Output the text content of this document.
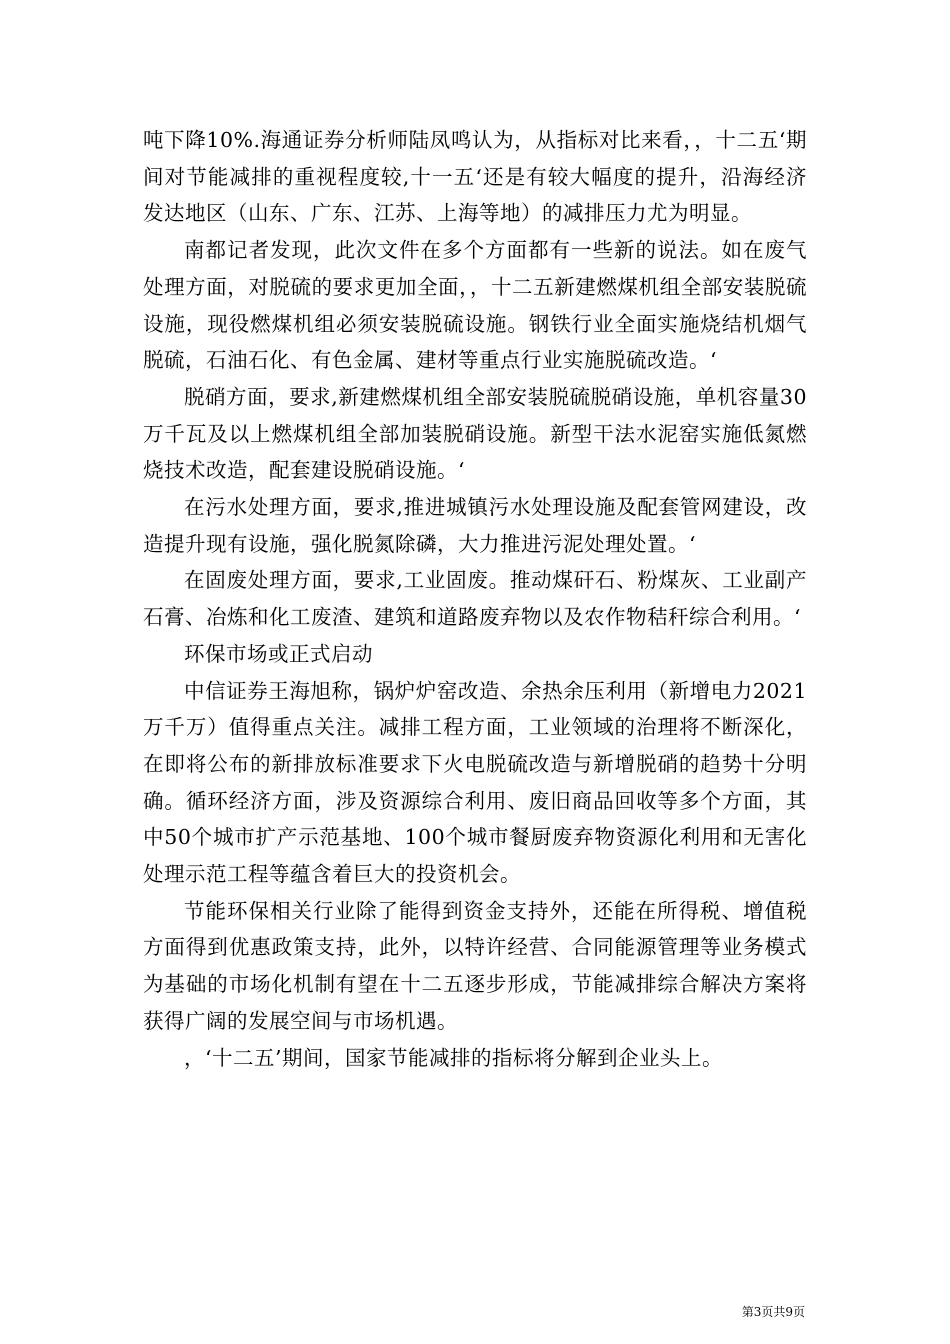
吨下降10%.海通证券分析师陆凤鸣认为，从指标对比来看，，十二五‘期间对节能减排的重视程度较,十一五‘还是有较大幅度的提升，沿海经济发达地区（山东、广东、江苏、上海等地）的减排压力尤为明显。

南都记者发现，此次文件在多个方面都有一些新的说法。如在废气处理方面，对脱硫的要求更加全面，，十二五新建燃煤机组全部安装脱硫设施，现役燃煤机组必须安装脱硫设施。钢铁行业全面实施烧结机烟气脱硫，石油石化、有色金属、建材等重点行业实施脱硫改造。‘

脱硝方面，要求,新建燃煤机组全部安装脱硫脱硝设施，单机容量30万千瓦及以上燃煤机组全部加装脱硝设施。新型干法水泥窑实施低氮燃烧技术改造，配套建设脱硝设施。‘

在污水处理方面，要求,推进城镇污水处理设施及配套管网建设，改造提升现有设施，强化脱氮除磷，大力推进污泥处理处置。‘

在固废处理方面，要求,工业固废。推动煤矸石、粉煤灰、工业副产石膏、冶炼和化工废渣、建筑和道路废弃物以及农作物秸秆综合利用。‘

环保市场或正式启动

中信证券王海旭称，锅炉炉窑改造、余热余压利用（新增电力2021万千万）值得重点关注。减排工程方面，工业领域的治理将不断深化，在即将公布的新排放标准要求下火电脱硫改造与新增脱硝的趋势十分明确。循环经济方面，涉及资源综合利用、废旧商品回收等多个方面，其中50个城市扩产示范基地、100个城市餐厨废弃物资源化利用和无害化处理示范工程等蕴含着巨大的投资机会。

节能环保相关行业除了能得到资金支持外，还能在所得税、增值税方面得到优惠政策支持，此外，以特许经营、合同能源管理等业务模式为基础的市场化机制有望在十二五逐步形成，节能减排综合解决方案将获得广阔的发展空间与市场机遇。

，‘十二五’期间，国家节能减排的指标将分解到企业头上。

第3页共9页
